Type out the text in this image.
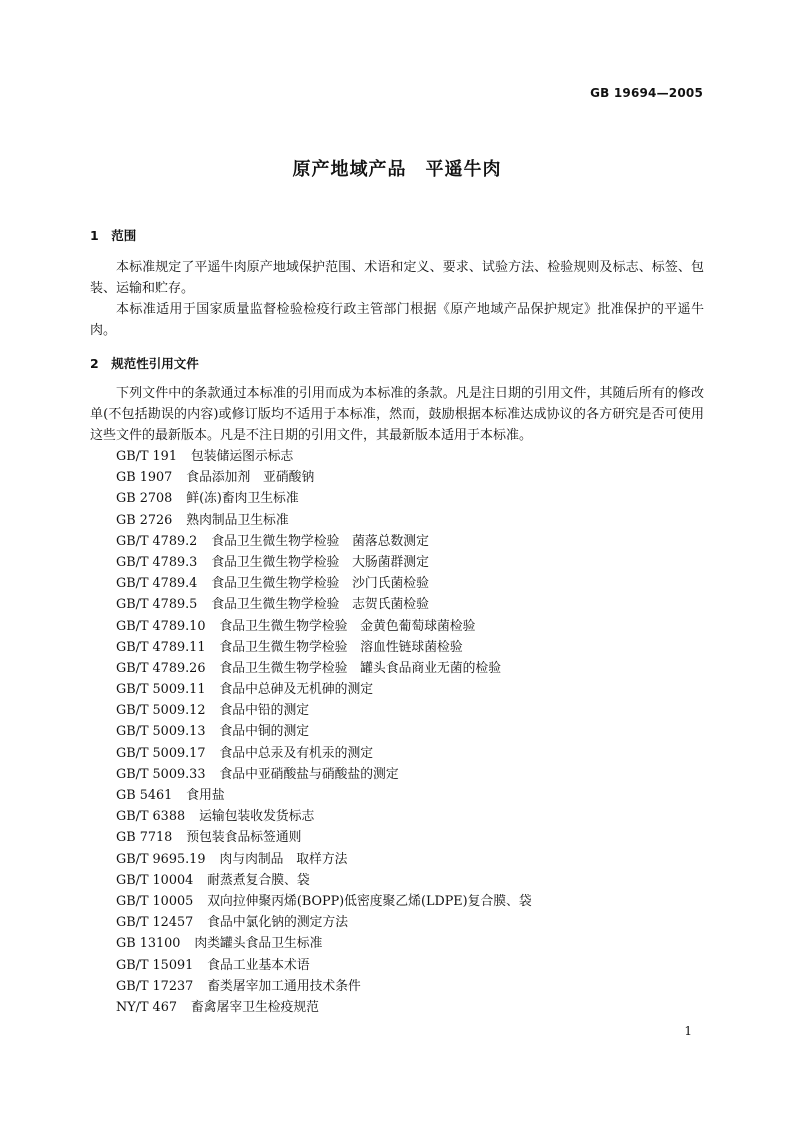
GB 19694—2005
原产地域产品　平遥牛肉
1　范围

本标准规定了平遥牛肉原产地域保护范围、术语和定义、要求、试验方法、检验规则及标志、标签、包装、运输和贮存。

本标准适用于国家质量监督检验检疫行政主管部门根据《原产地域产品保护规定》批准保护的平遥牛肉。

2　规范性引用文件

下列文件中的条款通过本标准的引用而成为本标准的条款。凡是注日期的引用文件，其随后所有的修改单(不包括勘误的内容)或修订版均不适用于本标准，然而，鼓励根据本标准达成协议的各方研究是否可使用这些文件的最新版本。凡是不注日期的引用文件，其最新版本适用于本标准。

GB/T 191 包装储运图示标志
GB 1907 食品添加剂　亚硝酸钠
GB 2708 鲜(冻)畜肉卫生标准
GB 2726 熟肉制品卫生标准
GB/T 4789.2 食品卫生微生物学检验　菌落总数测定
GB/T 4789.3 食品卫生微生物学检验　大肠菌群测定
GB/T 4789.4 食品卫生微生物学检验　沙门氏菌检验
GB/T 4789.5 食品卫生微生物学检验　志贺氏菌检验
GB/T 4789.10 食品卫生微生物学检验　金黄色葡萄球菌检验
GB/T 4789.11 食品卫生微生物学检验　溶血性链球菌检验
GB/T 4789.26 食品卫生微生物学检验　罐头食品商业无菌的检验
GB/T 5009.11 食品中总砷及无机砷的测定
GB/T 5009.12 食品中铅的测定
GB/T 5009.13 食品中铜的测定
GB/T 5009.17 食品中总汞及有机汞的测定
GB/T 5009.33 食品中亚硝酸盐与硝酸盐的测定
GB 5461 食用盐
GB/T 6388 运输包装收发货标志
GB 7718 预包装食品标签通则
GB/T 9695.19 肉与肉制品　取样方法
GB/T 10004 耐蒸煮复合膜、袋
GB/T 10005 双向拉伸聚丙烯(BOPP)低密度聚乙烯(LDPE)复合膜、袋
GB/T 12457 食品中氯化钠的测定方法
GB 13100 肉类罐头食品卫生标准
GB/T 15091 食品工业基本术语
GB/T 17237 畜类屠宰加工通用技术条件
NY/T 467 畜禽屠宰卫生检疫规范
1
